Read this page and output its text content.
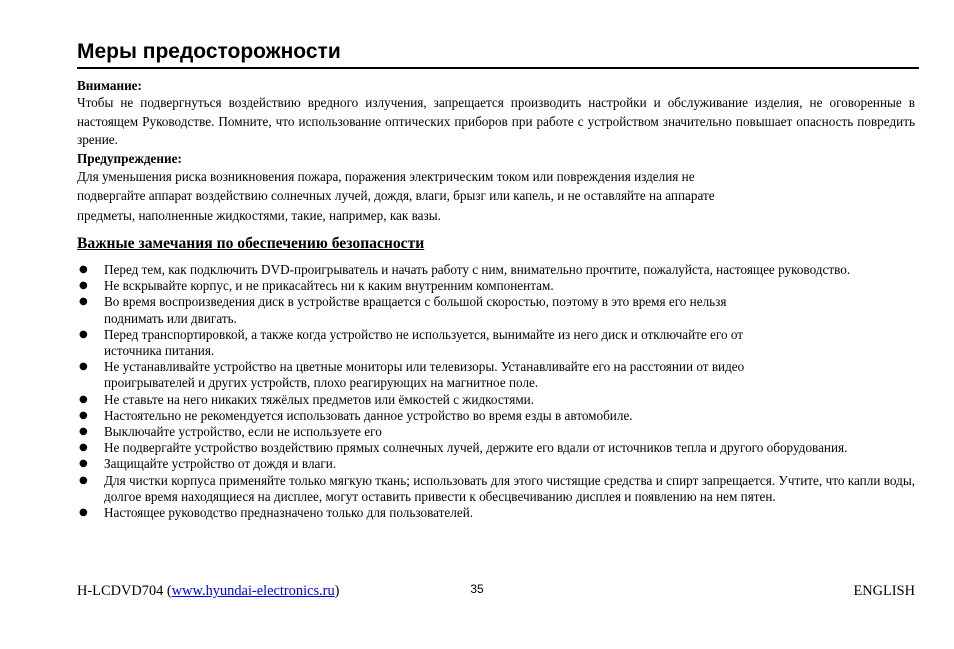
Меры предосторожности

Внимание:

Чтобы не подвергнуться воздействию вредного излучения, запрещается производить настройки и обслуживание изделия, не оговоренные в настоящем Руководстве. Помните, что использование оптических приборов при работе с устройством значительно повышает опасность повредить зрение.

Предупреждение:

Для уменьшения риска возникновения пожара, поражения электрическим током или повреждения изделия не
подвергайте аппарат воздействию солнечных лучей, дождя, влаги, брызг или капель, и не оставляйте на аппарате
предметы, наполненные жидкостями, такие, например, как вазы.

Важные замечания по обеспечению безопасности
● Перед тем, как подключить DVD-проигрыватель и начать работу с ним, внимательно прочтите, пожалуйста, настоящее руководство.
● Не вскрывайте корпус, и не прикасайтесь ни к каким внутренним компонентам.
● Во время воспроизведения диск в устройстве вращается с большой скоростью, поэтому в это время его нельзя
поднимать или двигать.
● Перед транспортировкой, а также когда устройство не используется, вынимайте из него диск и отключайте его от
источника питания.
● Не устанавливайте устройство на цветные мониторы или телевизоры. Устанавливайте его на расстоянии от видео
проигрывателей и других устройств, плохо реагирующих на магнитное поле.
● Не ставьте на него никаких тяжёлых предметов или ёмкостей с жидкостями.
● Настоятельно не рекомендуется использовать данное устройство во время езды в автомобиле.
● Выключайте устройство, если не используете его
● Не подвергайте устройство воздействию прямых солнечных лучей, держите его вдали от источников тепла и другого оборудования.
● Защищайте устройство от дождя и влаги.
● Для чистки корпуса применяйте только мягкую ткань; использовать для этого чистящие средства и спирт запрещается. Учтите, что капли воды, долгое время находящиеся на дисплее, могут оставить привести к обесцвечиванию дисплея и появлению на нем пятен.
● Настоящее руководство предназначено только для пользователей.
H-LCDVD704 (www.hyundai-electronics.ru)	35	ENGLISH
